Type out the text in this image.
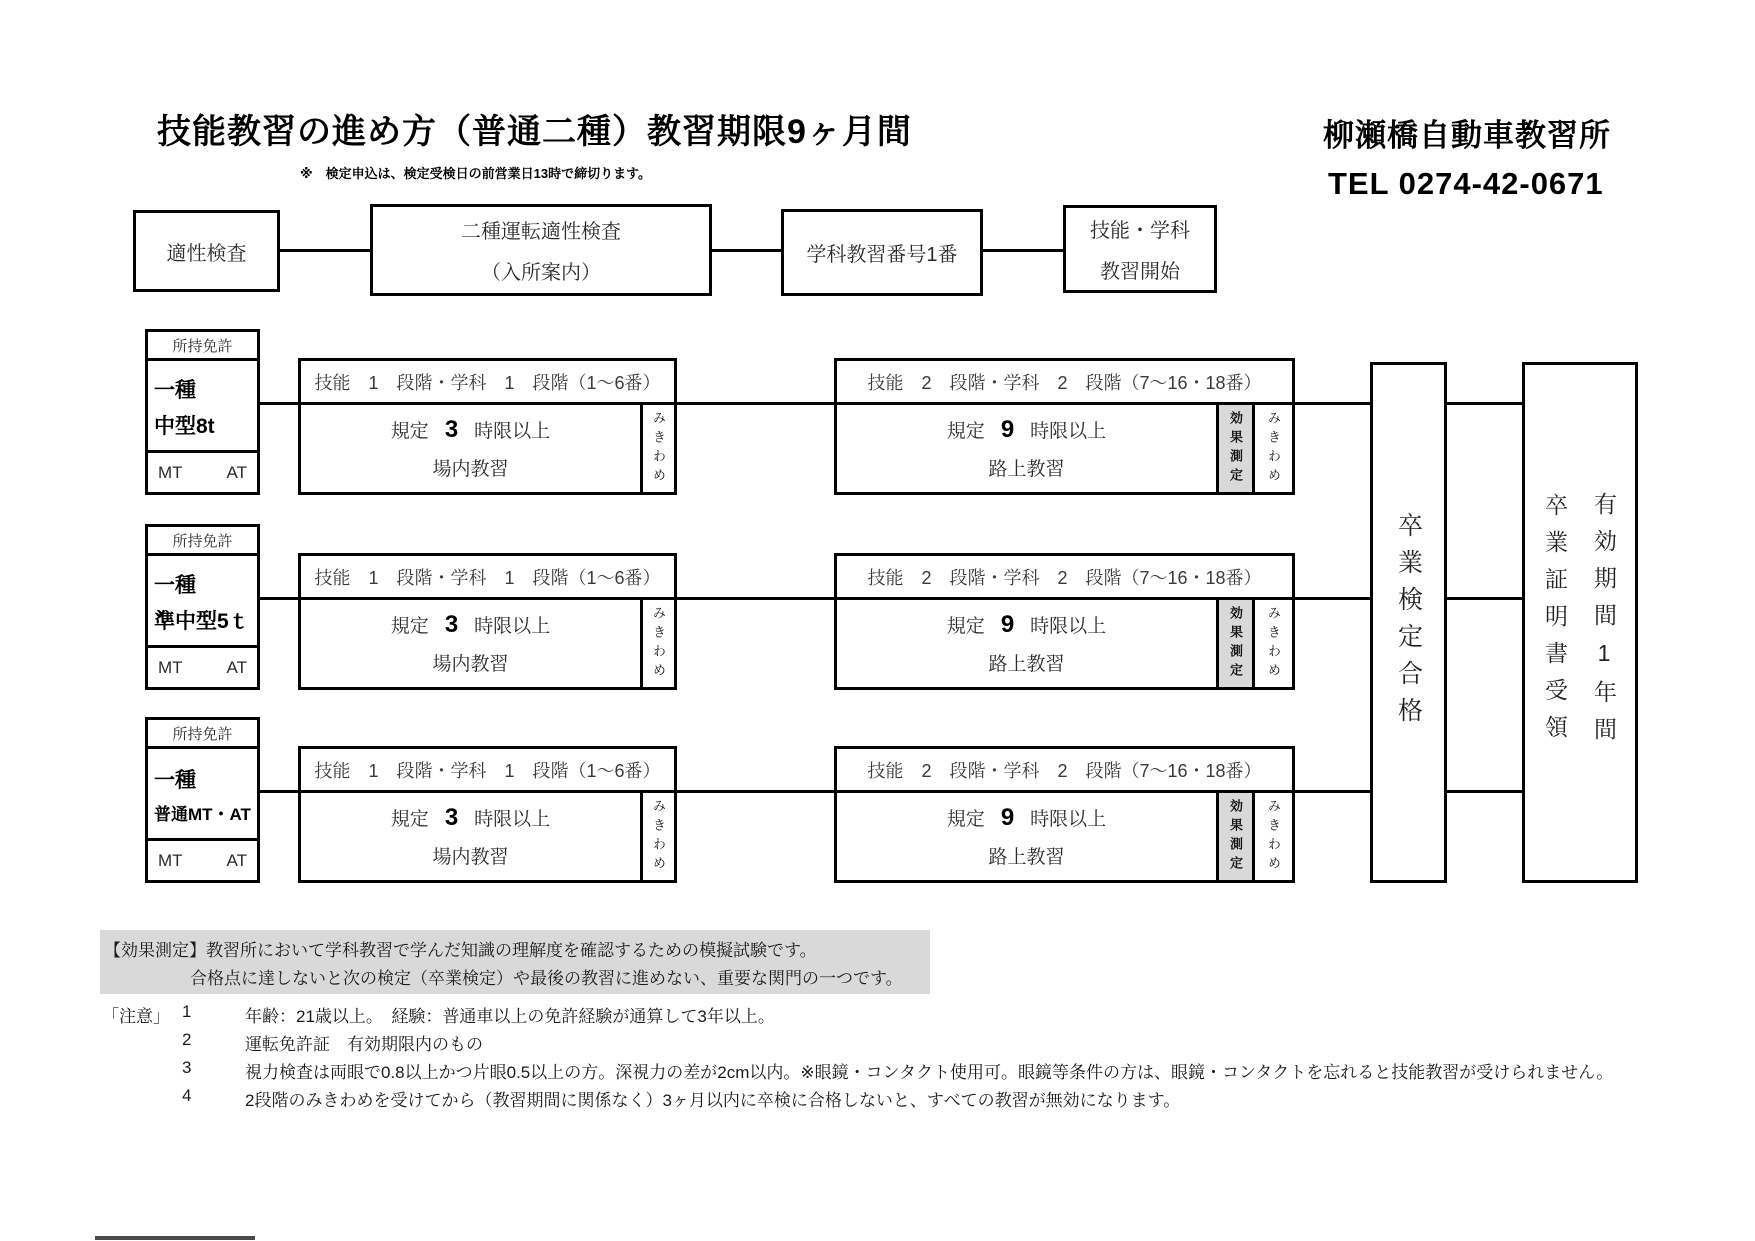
技能教習の進め方（普通二種）教習期限9ヶ月間
※　検定申込は、検定受検日の前営業日13時で締切ります。
柳瀬橋自動車教習所
TEL 0274-42-0671
適性検査
二種運転適性検査
（入所案内）
学科教習番号1番
技能・学科
教習開始
所持免許
一種
中型8t
MT	AT
技能　1　段階・学科　1　段階（1～6番）
規定 3 時限以上
場内教習	みきわめ
技能　2　段階・学科　2　段階（7～16・18番）
規定 9 時限以上
路上教習	効果測定	みきわめ
所持免許
一種
準中型5ｔ
MT	AT
技能　1　段階・学科　1　段階（1～6番）
規定 3 時限以上
場内教習	みきわめ
技能　2　段階・学科　2　段階（7～16・18番）
規定 9 時限以上
路上教習	効果測定	みきわめ
所持免許
一種
普通MT・AT
MT	AT
技能　1　段階・学科　1　段階（1～6番）
規定 3 時限以上
場内教習	みきわめ
技能　2　段階・学科　2　段階（7～16・18番）
規定 9 時限以上
路上教習	効果測定	みきわめ
卒業検定合格	卒業証明書受領 有効期間1年間
【効果測定】教習所において学科教習で学んだ知識の理解度を確認するための模擬試験です。
合格点に達しないと次の検定（卒業検定）や最後の教習に進めない、重要な関門の一つです。
「注意」 1	年齢：21歳以上。　経験：普通車以上の免許経験が通算して3年以上。
2	運転免許証　有効期限内のもの
3	視力検査は両眼で0.8以上かつ片眼0.5以上の方。深視力の差が2cm以内。※眼鏡・コンタクト使用可。眼鏡等条件の方は、眼鏡・コンタクトを忘れると技能教習が受けられません。
4	2段階のみきわめを受けてから（教習期間に関係なく）3ヶ月以内に卒検に合格しないと、すべての教習が無効になります。
